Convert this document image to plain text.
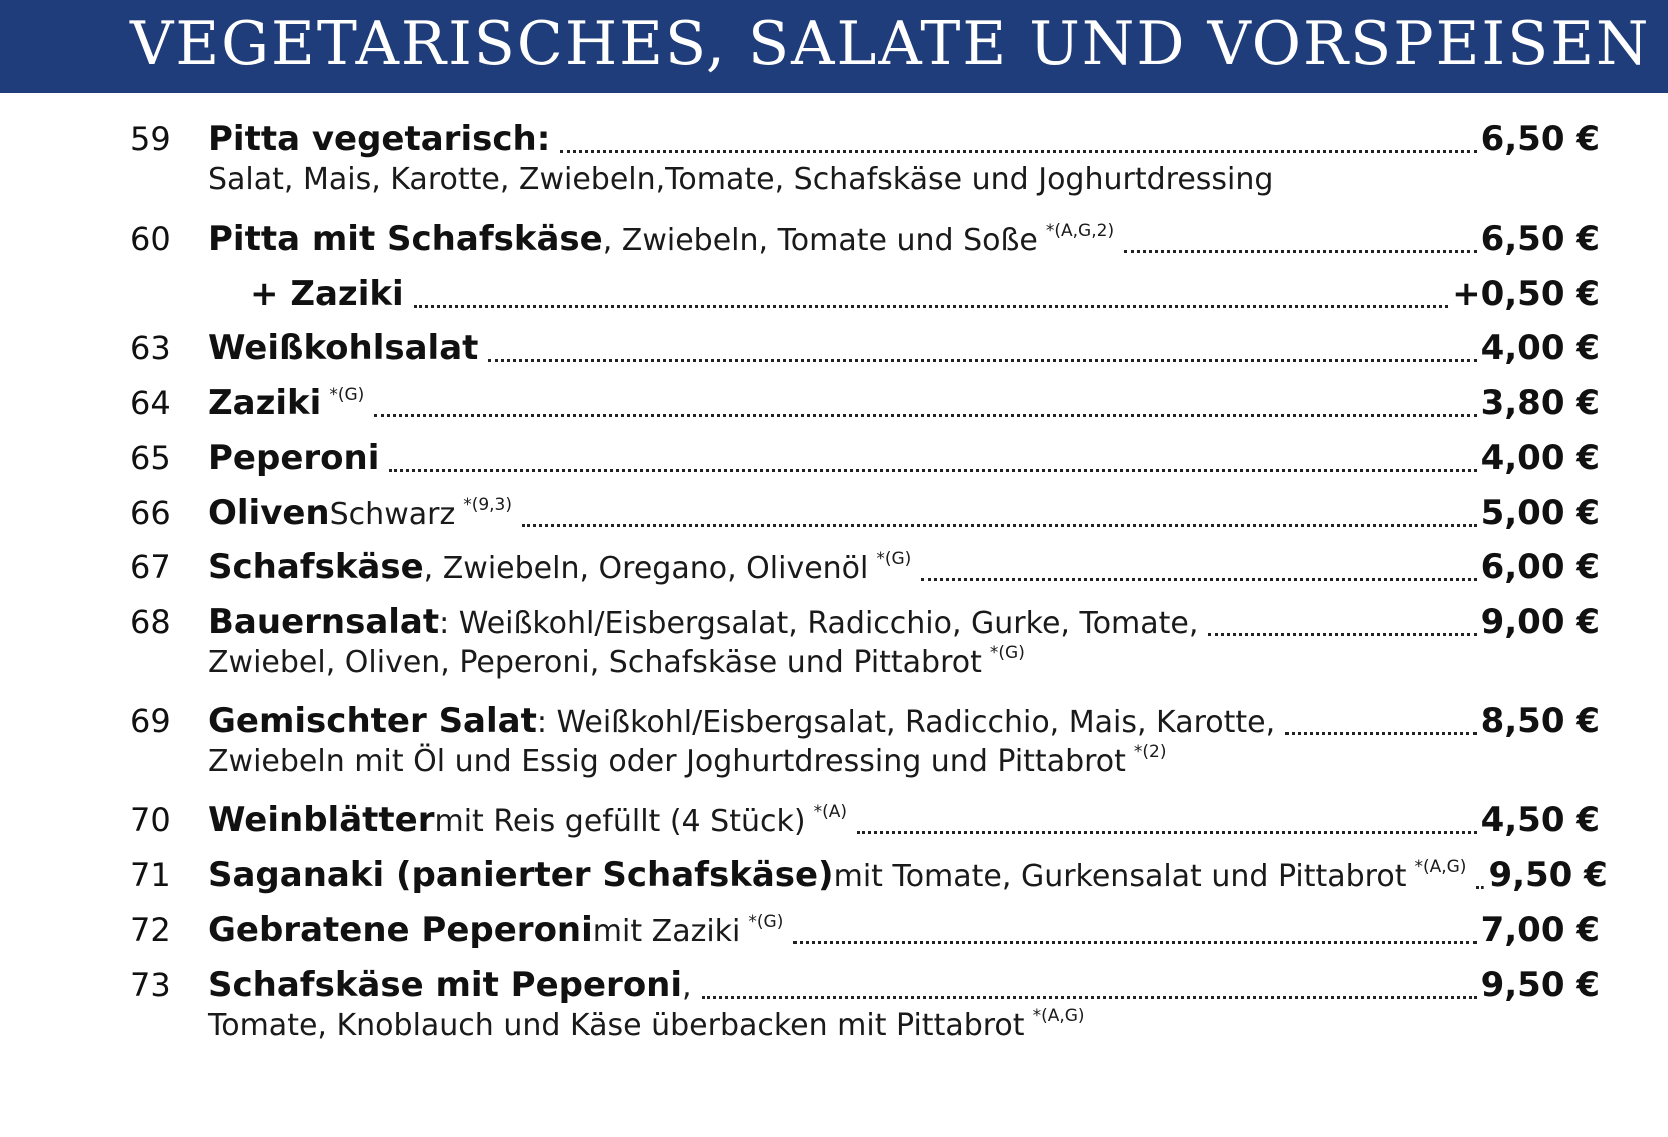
VEGETARISCHES, SALATE UND VORSPEISEN
59	Pitta vegetarisch:	6,50 €
Salat, Mais, Karotte, Zwiebeln,Tomate, Schafskäse und Joghurtdressing
60	Pitta mit Schafskäse , Zwiebeln, Tomate und Soße *(A,G,2)	6,50 €
+ Zaziki	+0,50 €
63	Weißkohlsalat	4,00 €
64	Zaziki *(G)	3,80 €
65	Peperoni	4,00 €
66	Oliven Schwarz *(9,3)	5,00 €
67	Schafskäse , Zwiebeln, Oregano, Olivenöl *(G)	6,00 €
68	Bauernsalat : Weißkohl/Eisbergsalat, Radicchio, Gurke, Tomate,	9,00 €
Zwiebel, Oliven, Peperoni, Schafskäse und Pittabrot *(G)
69	Gemischter Salat : Weißkohl/Eisbergsalat, Radicchio, Mais, Karotte,	8,50 €
Zwiebeln mit Öl und Essig oder Joghurtdressing und Pittabrot *(2)
70	Weinblätter mit Reis gefüllt (4 Stück) *(A)	4,50 €
71	Saganaki (panierter Schafskäse) mit Tomate, Gurkensalat und Pittabrot *(A,G) 9,50 €
72	Gebratene Peperoni mit Zaziki *(G)	7,00 €
73	Schafskäse mit Peperoni ,	9,50 €
Tomate, Knoblauch und Käse überbacken mit Pittabrot *(A,G)
